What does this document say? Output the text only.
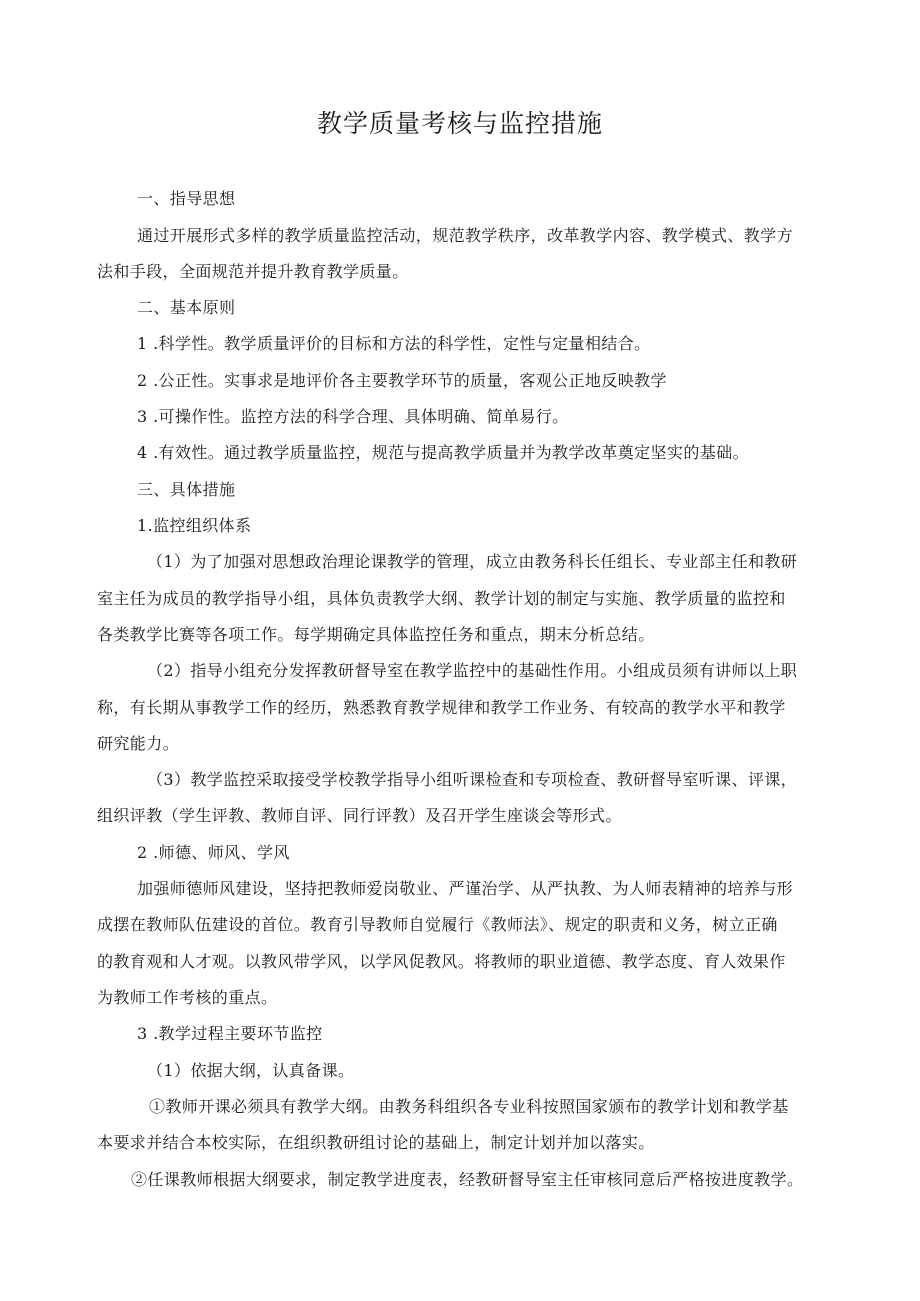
教学质量考核与监控措施

一、指导思想

通过开展形式多样的教学质量监控活动，规范教学秩序，改革教学内容、教学模式、教学方

法和手段，全面规范并提升教育教学质量。

二、基本原则

1 .科学性。教学质量评价的目标和方法的科学性，定性与定量相结合。

2 .公正性。实事求是地评价各主要教学环节的质量，客观公正地反映教学

3 .可操作性。监控方法的科学合理、具体明确、简单易行。

4 .有效性。通过教学质量监控，规范与提高教学质量并为教学改革奠定坚实的基础。

三、具体措施

1.监控组织体系

（1）为了加强对思想政治理论课教学的管理，成立由教务科长任组长、专业部主任和教研

室主任为成员的教学指导小组，具体负责教学大纲、教学计划的制定与实施、教学质量的监控和

各类教学比赛等各项工作。每学期确定具体监控任务和重点，期末分析总结。

（2）指导小组充分发挥教研督导室在教学监控中的基础性作用。小组成员须有讲师以上职

称，有长期从事教学工作的经历，熟悉教育教学规律和教学工作业务、有较高的教学水平和教学

研究能力。

（3）教学监控采取接受学校教学指导小组听课检查和专项检查、教研督导室听课、评课，

组织评教（学生评教、教师自评、同行评教）及召开学生座谈会等形式。

2 .师德、师风、学风

加强师德师风建设，坚持把教师爱岗敬业、严谨治学、从严执教、为人师表精神的培养与形

成摆在教师队伍建设的首位。教育引导教师自觉履行《教师法》、规定的职责和义务，树立正确

的教育观和人才观。以教风带学风，以学风促教风。将教师的职业道德、教学态度、育人效果作

为教师工作考核的重点。

3 .教学过程主要环节监控

（1）依据大纲，认真备课。

①教师开课必须具有教学大纲。由教务科组织各专业科按照国家颁布的教学计划和教学基

本要求并结合本校实际，在组织教研组讨论的基础上，制定计划并加以落实。

②任课教师根据大纲要求，制定教学进度表，经教研督导室主任审核同意后严格按进度教学。
